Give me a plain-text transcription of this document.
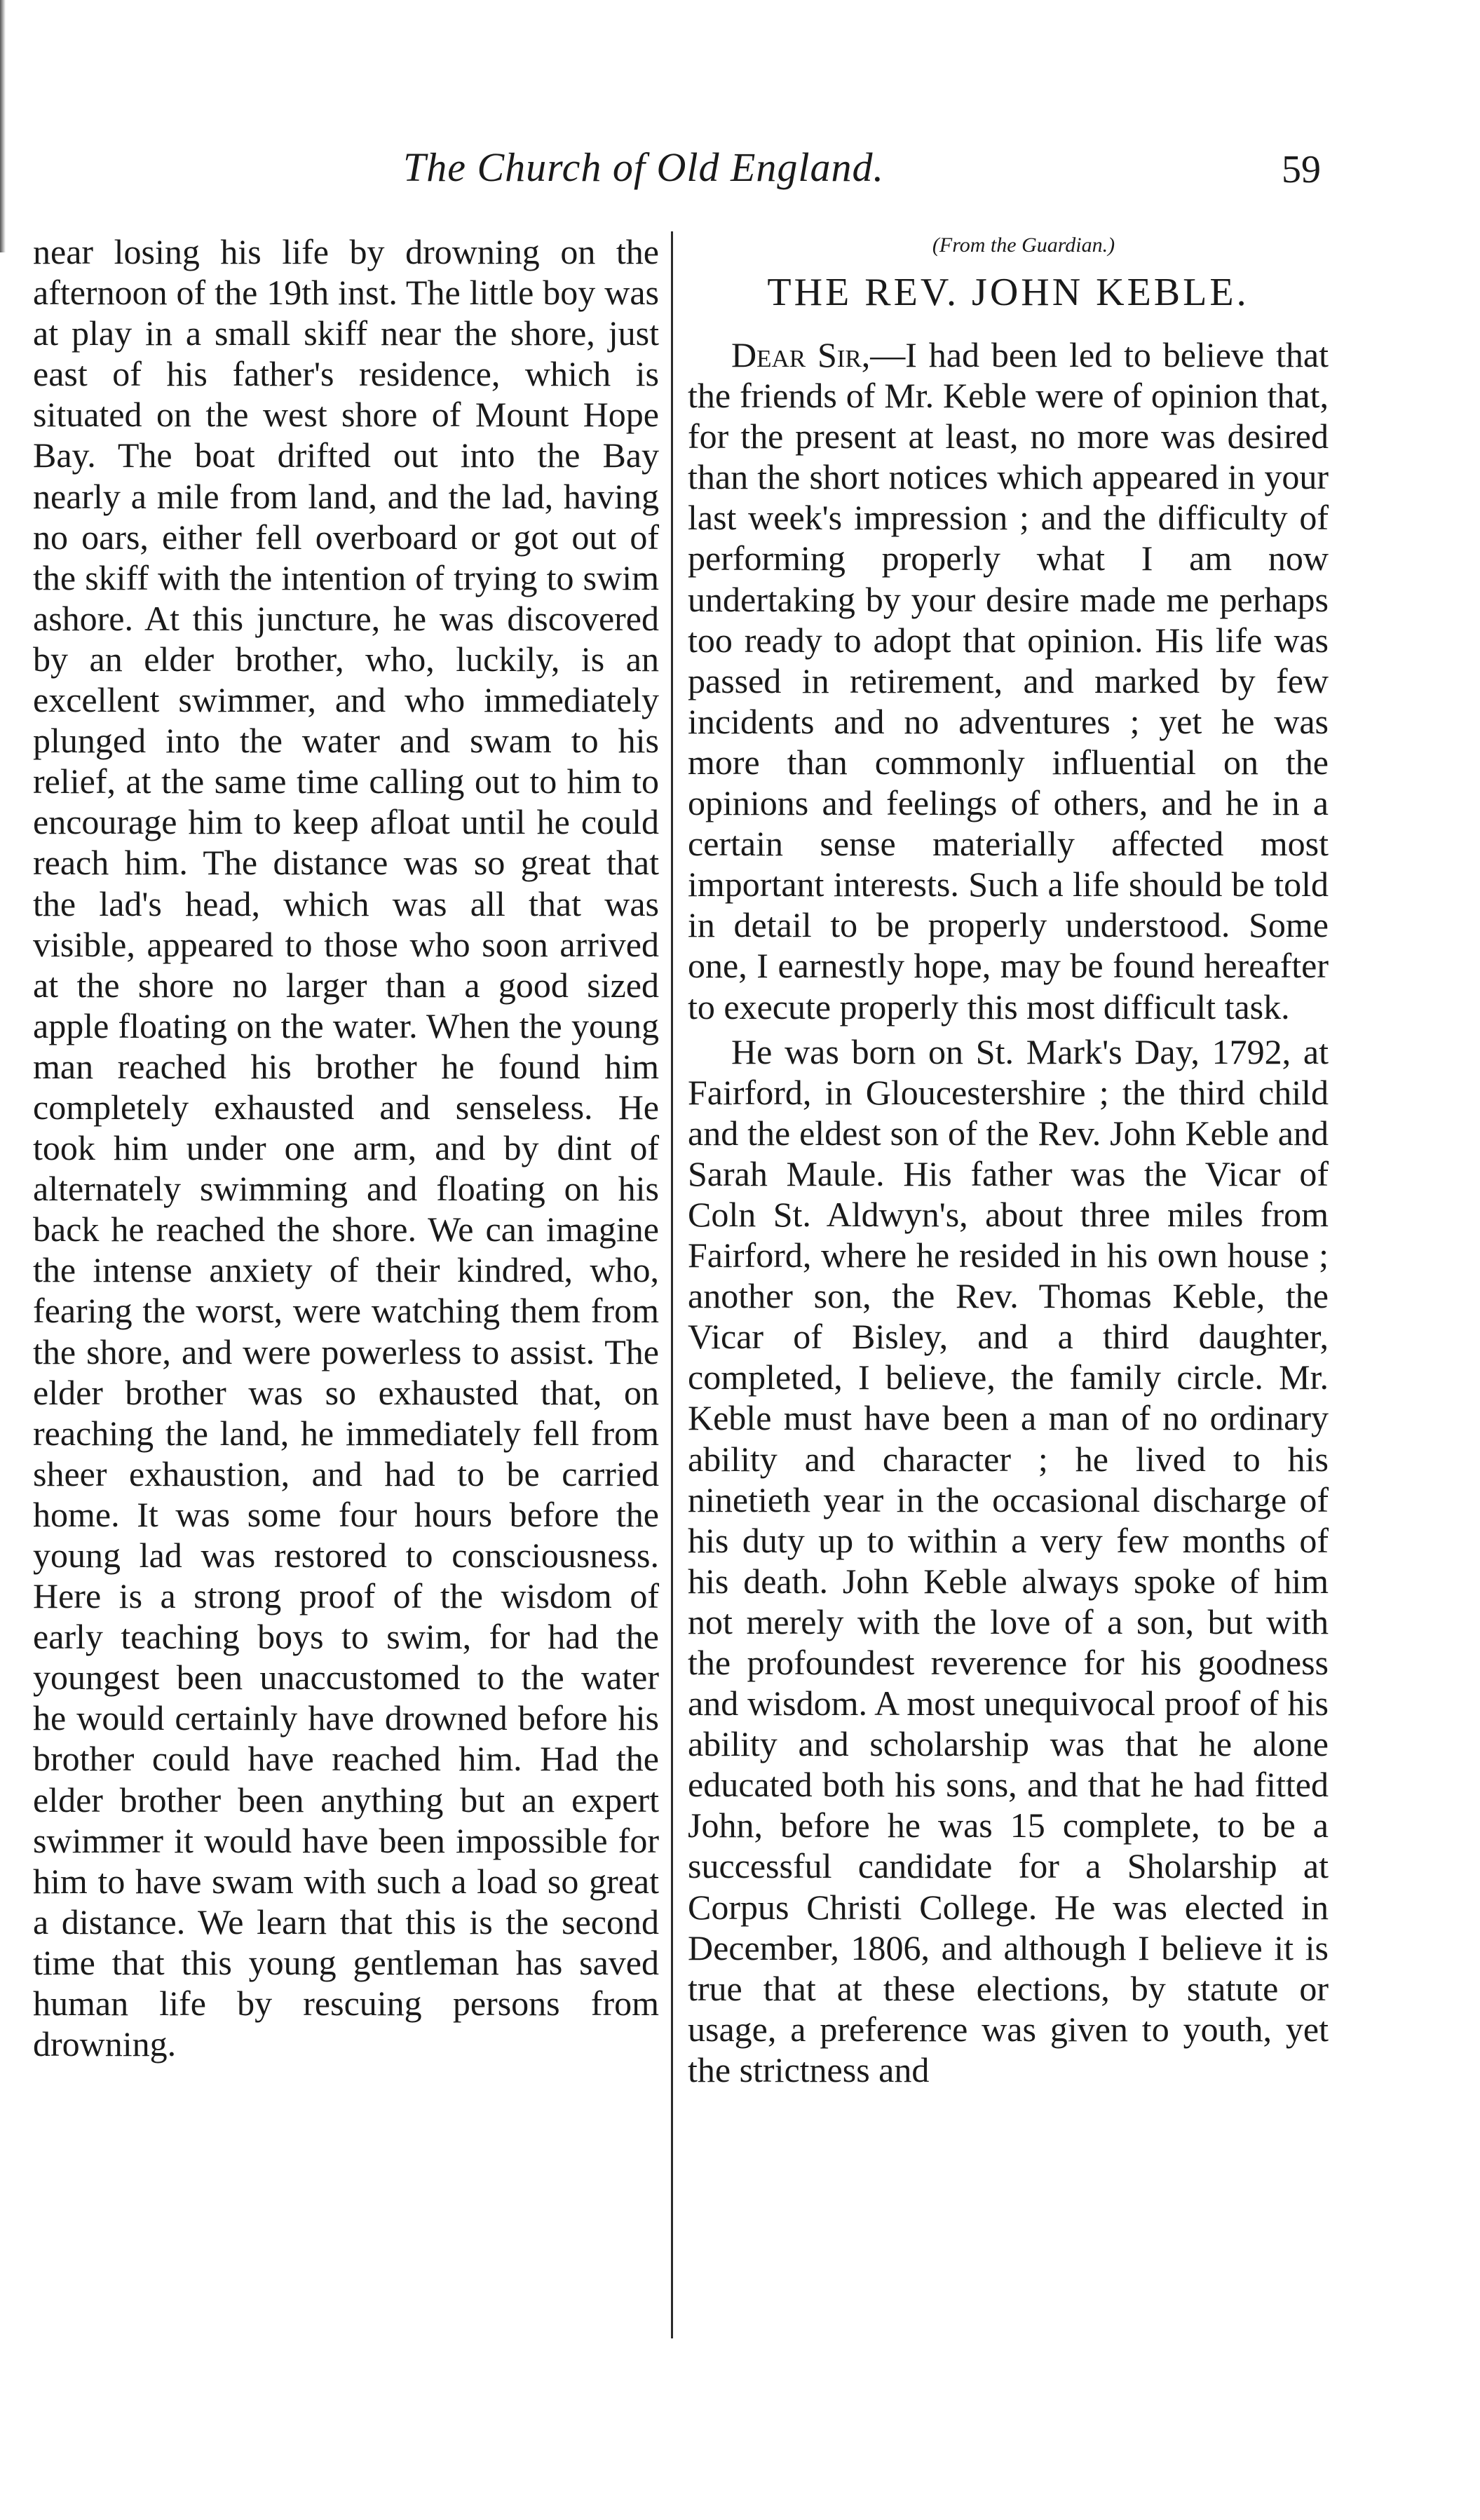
The Church of Old England.	59

near losing his life by drowning on the afternoon of the 19th inst. The little boy was at play in a small skiff near the shore, just east of his father's residence, which is situated on the west shore of Mount Hope Bay. The boat drifted out into the Bay nearly a mile from land, and the lad, having no oars, either fell overboard or got out of the skiff with the intention of trying to swim ashore. At this juncture, he was discovered by an elder brother, who, luckily, is an excellent swimmer, and who immediately plunged into the water and swam to his relief, at the same time calling out to him to encourage him to keep afloat until he could reach him. The distance was so great that the lad's head, which was all that was visible, appeared to those who soon arrived at the shore no larger than a good sized apple floating on the water. When the young man reached his brother he found him completely exhausted and senseless. He took him under one arm, and by dint of alternately swimming and floating on his back he reached the shore. We can imagine the intense anxiety of their kindred, who, fearing the worst, were watching them from the shore, and were powerless to assist. The elder brother was so exhausted that, on reaching the land, he immediately fell from sheer exhaustion, and had to be carried home. It was some four hours before the young lad was restored to consciousness. Here is a strong proof of the wisdom of early teaching boys to swim, for had the youngest been unaccustomed to the water he would certainly have drowned before his brother could have reached him. Had the elder brother been anything but an expert swimmer it would have been impossible for him to have swam with such a load so great a distance. We learn that this is the second time that this young gentleman has saved human life by rescuing persons from drowning.

(From the Guardian.)
THE REV. JOHN KEBLE.

Dear Sir,—I had been led to believe that the friends of Mr. Keble were of opinion that, for the present at least, no more was desired than the short notices which appeared in your last week's impression ; and the difficulty of performing properly what I am now undertaking by your desire made me perhaps too ready to adopt that opinion. His life was passed in retirement, and marked by few incidents and no adventures ; yet he was more than commonly influential on the opinions and feelings of others, and he in a certain sense materially affected most important interests. Such a life should be told in detail to be properly understood. Some one, I earnestly hope, may be found hereafter to execute properly this most difficult task.

He was born on St. Mark's Day, 1792, at Fairford, in Gloucestershire ; the third child and the eldest son of the Rev. John Keble and Sarah Maule. His father was the Vicar of Coln St. Aldwyn's, about three miles from Fairford, where he resided in his own house ; another son, the Rev. Thomas Keble, the Vicar of Bisley, and a third daughter, completed, I believe, the family circle. Mr. Keble must have been a man of no ordinary ability and character ; he lived to his ninetieth year in the occasional discharge of his duty up to within a very few months of his death. John Keble always spoke of him not merely with the love of a son, but with the profoundest reverence for his goodness and wisdom. A most unequivocal proof of his ability and scholarship was that he alone educated both his sons, and that he had fitted John, before he was 15 complete, to be a successful candidate for a Sholarship at Corpus Christi College. He was elected in December, 1806, and although I believe it is true that at these elections, by statute or usage, a preference was given to youth, yet the strictness and
